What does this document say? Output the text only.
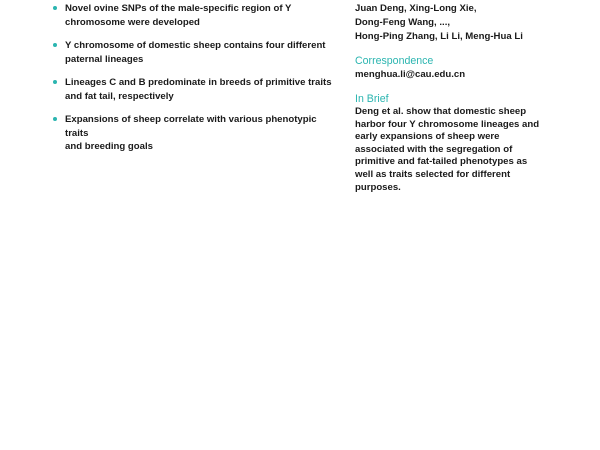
Novel ovine SNPs of the male-specific region of Y
chromosome were developed
Y chromosome of domestic sheep contains four different
paternal lineages
Lineages C and B predominate in breeds of primitive traits
and fat tail, respectively
Expansions of sheep correlate with various phenotypic traits
and breeding goals
Juan Deng, Xing-Long Xie,
Dong-Feng Wang, ...,
Hong-Ping Zhang, Li Li, Meng-Hua Li
Correspondence
menghua.li@cau.edu.cn
In Brief
Deng et al. show that domestic sheep
harbor four Y chromosome lineages and
early expansions of sheep were
associated with the segregation of
primitive and fat-tailed phenotypes as
well as traits selected for different
purposes.
